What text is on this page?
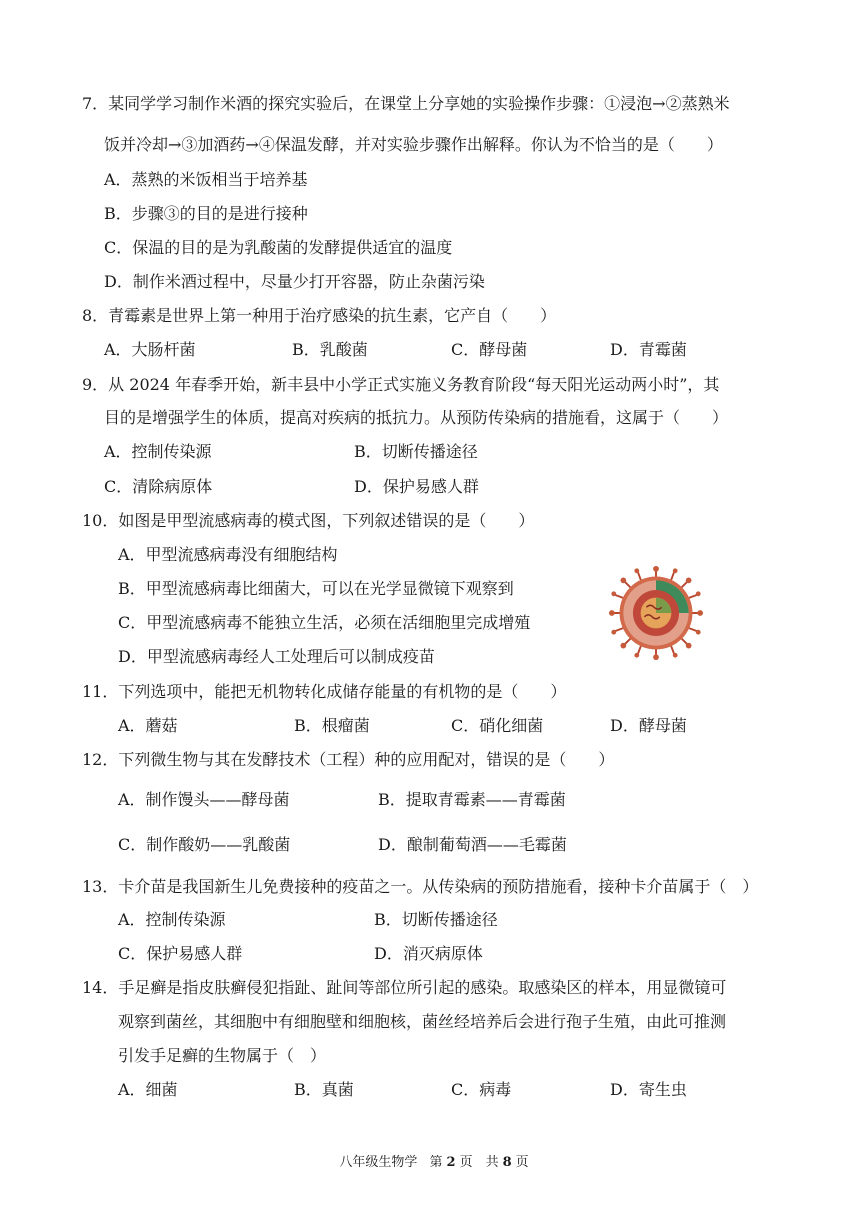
7．某同学学习制作米酒的探究实验后，在课堂上分享她的实验操作步骤：①浸泡→②蒸熟米
饭并冷却→③加酒药→④保温发酵，并对实验步骤作出解释。你认为不恰当的是（　　）
A．蒸熟的米饭相当于培养基
B．步骤③的目的是进行接种
C．保温的目的是为乳酸菌的发酵提供适宜的温度
D．制作米酒过程中，尽量少打开容器，防止杂菌污染
8．青霉素是世界上第一种用于治疗感染的抗生素，它产自（　　）
A．大肠杆菌	B．乳酸菌	C．酵母菌	D．青霉菌
9．从 2024 年春季开始，新丰县中小学正式实施义务教育阶段“每天阳光运动两小时”，其
目的是增强学生的体质，提高对疾病的抵抗力。从预防传染病的措施看，这属于（　　）
A．控制传染源	B．切断传播途径
C．清除病原体	D．保护易感人群
10．如图是甲型流感病毒的模式图，下列叙述错误的是（　　）
A．甲型流感病毒没有细胞结构
B．甲型流感病毒比细菌大，可以在光学显微镜下观察到
C．甲型流感病毒不能独立生活，必须在活细胞里完成增殖
D．甲型流感病毒经人工处理后可以制成疫苗
11．下列选项中，能把无机物转化成储存能量的有机物的是（　　）
A．蘑菇	B．根瘤菌	C．硝化细菌	D．酵母菌
12．下列微生物与其在发酵技术（工程）种的应用配对，错误的是（　　）
A．制作馒头——酵母菌	B．提取青霉素——青霉菌
C．制作酸奶——乳酸菌	D．酿制葡萄酒——毛霉菌
13．卡介苗是我国新生儿免费接种的疫苗之一。从传染病的预防措施看，接种卡介苗属于（　）
A．控制传染源	B．切断传播途径
C．保护易感人群	D．消灭病原体
14．手足癣是指皮肤癣侵犯指趾、趾间等部位所引起的感染。取感染区的样本，用显微镜可
观察到菌丝，其细胞中有细胞壁和细胞核，菌丝经培养后会进行孢子生殖，由此可推测
引发手足癣的生物属于（　）
A．细菌	B．真菌	C．病毒	D．寄生虫
八年级生物学 第 2 页　共 8 页
